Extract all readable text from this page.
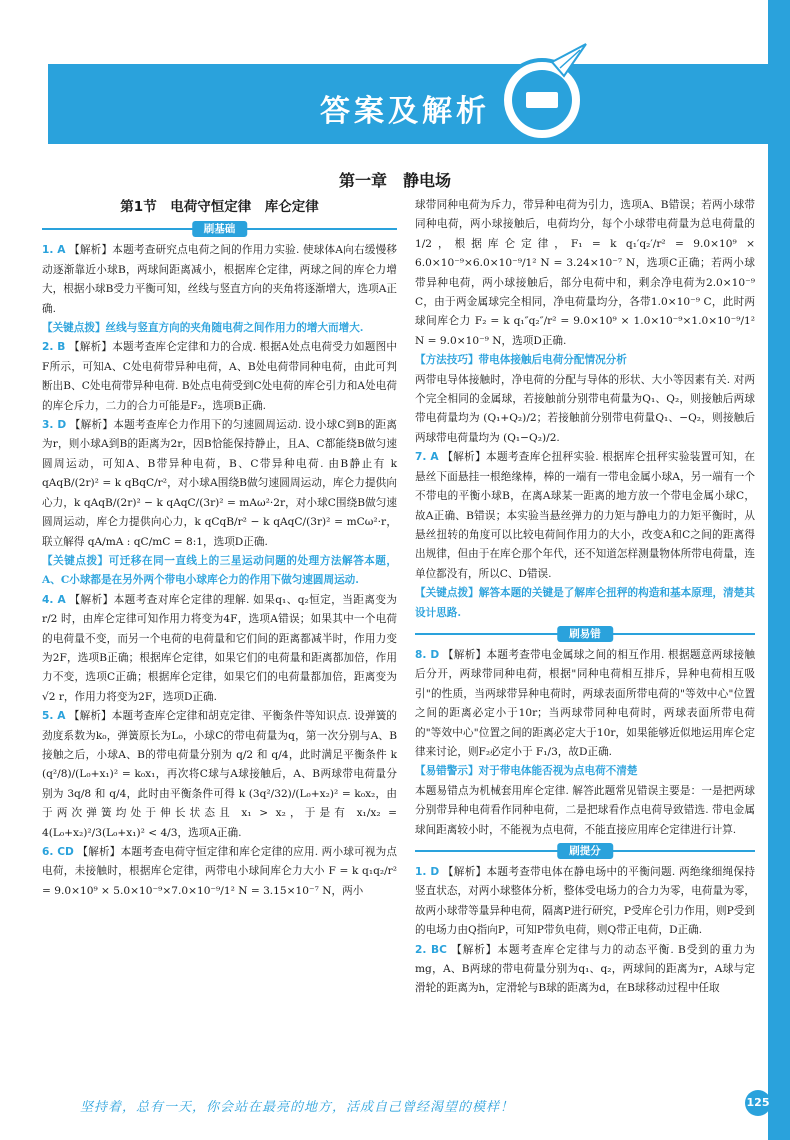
答案及解析
第一章　静电场
第1节　电荷守恒定律　库仑定律
刷基础

1. A 【解析】本题考查研究点电荷之间的作用力实验. 使球体A向右缓慢移动逐渐靠近小球B，两球间距离减小，根据库仑定律，两球之间的库仑力增大，根据小球B受力平衡可知，丝线与竖直方向的夹角将逐渐增大，选项A正确.

【关键点拨】丝线与竖直方向的夹角随电荷之间作用力的增大而增大.

2. B 【解析】本题考查库仑定律和力的合成. 根据A处点电荷受力如题图中F所示，可知A、C处电荷带异种电荷，A、B处电荷带同种电荷，由此可判断出B、C处电荷带异种电荷. B处点电荷受到C处电荷的库仑引力和A处电荷的库仑斥力，二力的合力可能是F₂，选项B正确.

3. D 【解析】本题考查库仑力作用下的匀速圆周运动. 设小球C到B的距离为r，则小球A到B的距离为2r，因B恰能保持静止，且A、C都能绕B做匀速圆周运动，可知A、B带异种电荷，B、C带异种电荷. 由B静止有 k qAqB/(2r)² = k qBqC/r²，对小球A围绕B做匀速圆周运动，库仑力提供向心力，k qAqB/(2r)² − k qAqC/(3r)² = mAω²·2r，对小球C围绕B做匀速圆周运动，库仑力提供向心力，k qCqB/r² − k qAqC/(3r)² = mCω²·r，联立解得 qA/mA : qC/mC = 8:1，选项D正确.

【关键点拨】可迁移在同一直线上的三星运动问题的处理方法解答本题，A、C小球都是在另外两个带电小球库仑力的作用下做匀速圆周运动.

4. A 【解析】本题考查对库仑定律的理解. 如果q₁、q₂恒定，当距离变为 r/2 时，由库仑定律可知作用力将变为4F，选项A错误；如果其中一个电荷的电荷量不变，而另一个电荷的电荷量和它们间的距离都减半时，作用力变为2F，选项B正确；根据库仑定律，如果它们的电荷量和距离都加倍，作用力不变，选项C正确；根据库仑定律，如果它们的电荷量都加倍，距离变为√2 r，作用力将变为2F，选项D正确.

5. A 【解析】本题考查库仑定律和胡克定律、平衡条件等知识点. 设弹簧的劲度系数为k₀，弹簧原长为L₀，小球C的带电荷量为q，第一次分别与A、B接触之后，小球A、B的带电荷量分别为 q/2 和 q/4，此时满足平衡条件 k (q²/8)/(L₀+x₁)² = k₀x₁，再次将C球与A球接触后，A、B两球带电荷量分别为 3q/8 和 q/4，此时由平衡条件可得 k (3q²/32)/(L₀+x₂)² = k₀x₂，由于两次弹簧均处于伸长状态且 x₁ > x₂，于是有 x₁/x₂ = 4(L₀+x₂)²/3(L₀+x₁)² < 4/3，选项A正确.

6. CD 【解析】本题考查电荷守恒定律和库仑定律的应用. 两小球可视为点电荷，未接触时，根据库仑定律，两带电小球间库仑力大小 F = k q₁q₂/r² = 9.0×10⁹ × 5.0×10⁻⁹×7.0×10⁻⁹/1² N = 3.15×10⁻⁷ N，两小

球带同种电荷为斥力，带异种电荷为引力，选项A、B错误；若两小球带同种电荷，两小球接触后，电荷均分，每个小球带电荷量为总电荷量的 1/2，根据库仑定律，F₁ = k q₁′q₂′/r² = 9.0×10⁹ × 6.0×10⁻⁹×6.0×10⁻⁹/1² N = 3.24×10⁻⁷ N，选项C正确；若两小球带异种电荷，两小球接触后，部分电荷中和，剩余净电荷为2.0×10⁻⁹ C，由于两金属球完全相同，净电荷量均分，各带1.0×10⁻⁹ C，此时两球间库仑力 F₂ = k q₁″q₂″/r² = 9.0×10⁹ × 1.0×10⁻⁹×1.0×10⁻⁹/1² N = 9.0×10⁻⁹ N，选项D正确.

【方法技巧】带电体接触后电荷分配情况分析

两带电导体接触时，净电荷的分配与导体的形状、大小等因素有关. 对两个完全相同的金属球，若接触前分别带电荷量为Q₁、Q₂，则接触后两球带电荷量均为 (Q₁+Q₂)/2；若接触前分别带电荷量Q₁、−Q₂，则接触后两球带电荷量均为 (Q₁−Q₂)/2.

7. A 【解析】本题考查库仑扭秤实验. 根据库仑扭秤实验装置可知，在悬丝下面悬挂一根绝缘棒，棒的一端有一带电金属小球A，另一端有一个不带电的平衡小球B，在离A球某一距离的地方放一个带电金属小球C，故A正确、B错误；本实验当悬丝弹力的力矩与静电力的力矩平衡时，从悬丝扭转的角度可以比较电荷间作用力的大小，改变A和C之间的距离得出规律，但由于在库仑那个年代，还不知道怎样测量物体所带电荷量，连单位都没有，所以C、D错误.

【关键点拨】解答本题的关键是了解库仑扭秤的构造和基本原理，清楚其设计思路.

刷易错

8. D 【解析】本题考查带电金属球之间的相互作用. 根据题意两球接触后分开，两球带同种电荷，根据"同种电荷相互排斥，异种电荷相互吸引"的性质，当两球带异种电荷时，两球表面所带电荷的"等效中心"位置之间的距离必定小于10r；当两球带同种电荷时，两球表面所带电荷的"等效中心"位置之间的距离必定大于10r，如果能够近似地运用库仑定律来讨论，则F₂必定小于 F₁/3，故D正确.

【易错警示】对于带电体能否视为点电荷不清楚

本题易错点为机械套用库仑定律. 解答此题常见错误主要是：一是把两球分别带异种电荷看作同种电荷，二是把球看作点电荷导致错选. 带电金属球间距离较小时，不能视为点电荷，不能直接应用库仑定律进行计算.

刷提分

1. D 【解析】本题考查带电体在静电场中的平衡问题. 两绝缘细绳保持竖直状态，对两小球整体分析，整体受电场力的合力为零，电荷量为零，故两小球带等量异种电荷，隔离P进行研究，P受库仑引力作用，则P受到的电场力由Q指向P，可知P带负电荷，则Q带正电荷，D正确.

2. BC 【解析】本题考查库仑定律与力的动态平衡. B受到的重力为mg，A、B两球的带电荷量分别为q₁、q₂，两球间的距离为r，A球与定滑轮的距离为h，定滑轮与B球的距离为d，在B球移动过程中任取

坚持着，总有一天，你会站在最亮的地方，活成自己曾经渴望的模样！	125
